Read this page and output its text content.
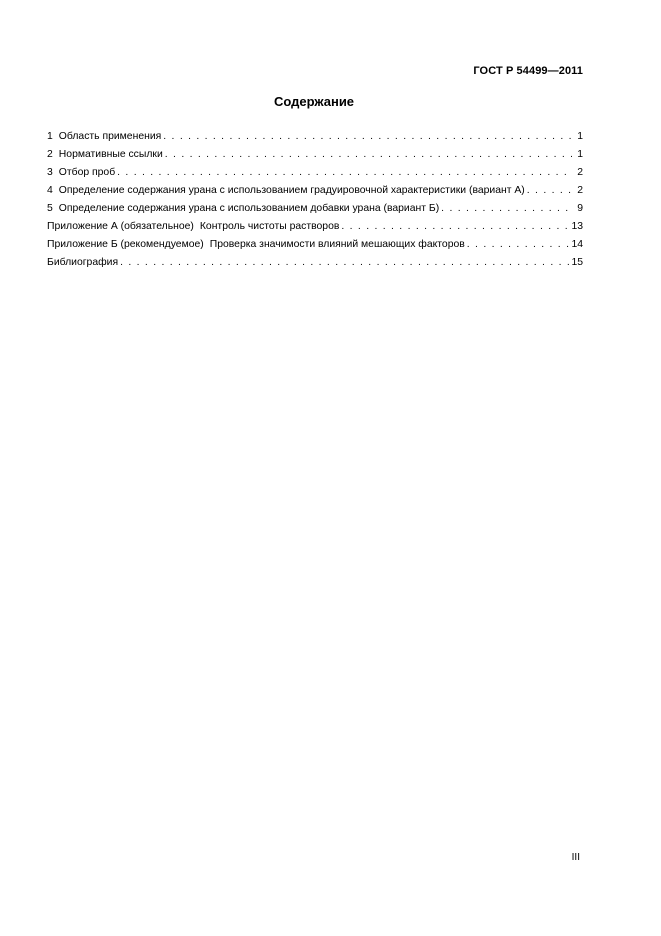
ГОСТ Р 54499—2011
Содержание
1 Область применения . . .	1
2 Нормативные ссылки . . .	1
3 Отбор проб . . .	2
4 Определение содержания урана с использованием градуировочной характеристики (вариант А) . . .	2
5 Определение содержания урана с использованием добавки урана (вариант Б) . . .	9
Приложение А (обязательное) Контроль чистоты растворов . . .	13
Приложение Б (рекомендуемое) Проверка значимости влияний мешающих факторов . . .	14
Библиография . . .	15
III
